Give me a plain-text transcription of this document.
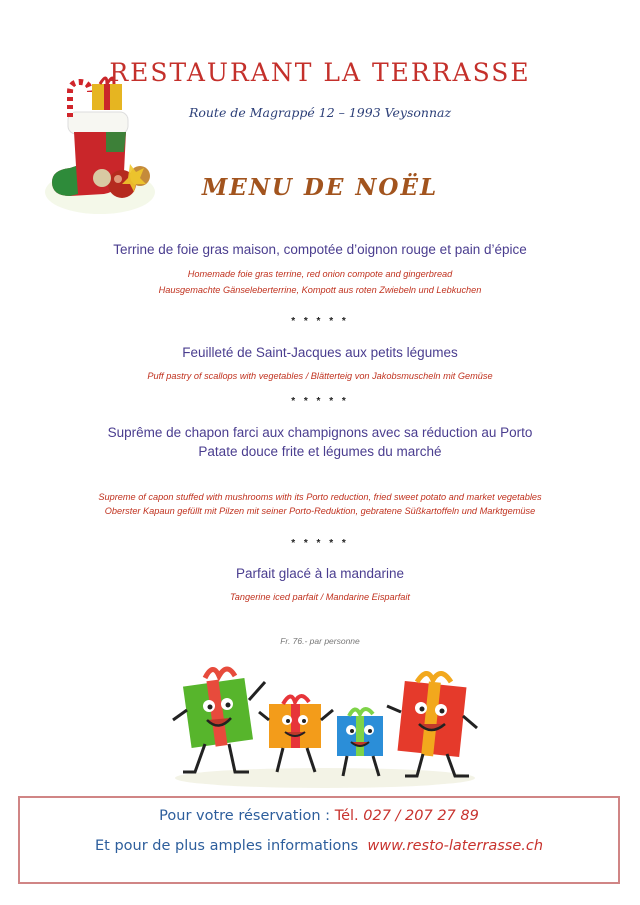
RESTAURANT LA TERRASSE
Route de Magrappé 12 – 1993 Veysonnaz
MENU DE NOËL
Terrine de foie gras maison, compotée d’oignon rouge et pain d’épice
Homemade foie gras terrine, red onion compote and gingerbread
Hausgemachte Gänseleberterrine, Kompott aus roten Zwiebeln und Lebkuchen
* * * * *
Feuilleté de Saint-Jacques aux petits légumes
Puff pastry of scallops with vegetables / Blätterteig von Jakobsmuscheln mit Gemüse
* * * * *
Suprême de chapon farci aux champignons avec sa réduction au Porto
Patate douce frite et légumes du marché
Supreme of capon stuffed with mushrooms with its Porto reduction, fried sweet potato and market vegetables
Oberster Kapaun gefüllt mit Pilzen mit seiner Porto-Reduktion, gebratene Süßkartoffeln und Marktgemüse
* * * * *
Parfait glacé à la mandarine
Tangerine iced parfait / Mandarine Eisparfait
Fr. 76.- par personne
Pour votre réservation : Tél. 027 / 207 27 89
Et pour de plus amples informations www.resto-laterrasse.ch
